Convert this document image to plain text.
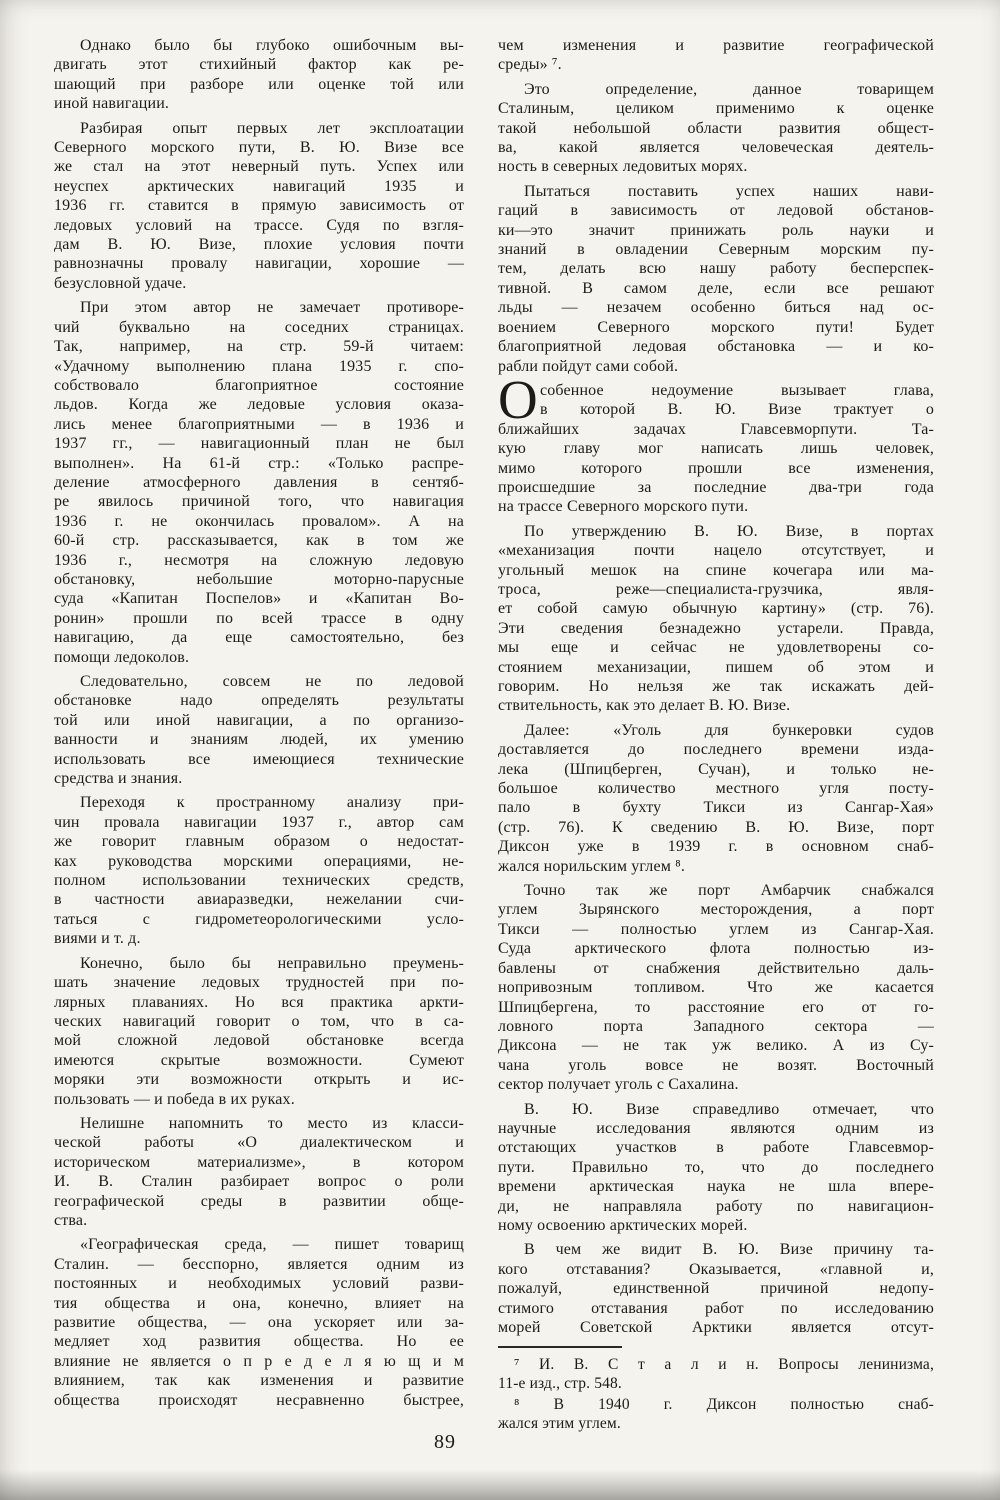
Однако было бы глубоко ошибочным вы-
двигать этот стихийный фактор как ре-
шающий при разборе или оценке той или
иной навигации.
Разбирая опыт первых лет эксплоатации
Северного морского пути, В. Ю. Визе все
же стал на этот неверный путь. Успех или
неуспех арктических навигаций 1935 и
1936 гг. ставится в прямую зависимость от
ледовых условий на трассе. Судя по взгля-
дам В. Ю. Визе, плохие условия почти
равнозначны провалу навигации, хорошие —
безусловной удаче.
При этом автор не замечает противоре-
чий буквально на соседних страницах.
Так, например, на стр. 59-й читаем:
«Удачному выполнению плана 1935 г. спо-
собствовало благоприятное состояние
льдов. Когда же ледовые условия оказа-
лись менее благоприятными — в 1936 и
1937 гг., — навигационный план не был
выполнен». На 61-й стр.: «Только распре-
деление атмосферного давления в сентяб-
ре явилось причиной того, что навигация
1936 г. не окончилась провалом». А на
60-й стр. рассказывается, как в том же
1936 г., несмотря на сложную ледовую
обстановку, небольшие моторно-парусные
суда «Капитан Поспелов» и «Капитан Во-
ронин» прошли по всей трассе в одну
навигацию, да еще самостоятельно, без
помощи ледоколов.
Следовательно, совсем не по ледовой
обстановке надо определять результаты
той или иной навигации, а по организо-
ванности и знаниям людей, их умению
использовать все имеющиеся технические
средства и знания.
Переходя к пространному анализу при-
чин провала навигации 1937 г., автор сам
же говорит главным образом о недостат-
ках руководства морскими операциями, не-
полном использовании технических средств,
в частности авиаразведки, нежелании счи-
таться с гидрометеорологическими усло-
виями и т. д.
Конечно, было бы неправильно преумень-
шать значение ледовых трудностей при по-
лярных плаваниях. Но вся практика аркти-
ческих навигаций говорит о том, что в са-
мой сложной ледовой обстановке всегда
имеются скрытые возможности. Сумеют
моряки эти возможности открыть и ис-
пользовать — и победа в их руках.
Нелишне напомнить то место из класси-
ческой работы «О диалектическом и
историческом материализме», в котором
И. В. Сталин разбирает вопрос о роли
географической среды в развитии обще-
ства.
«Географическая среда, — пишет товарищ
Сталин. — бесспорно, является одним из
постоянных и необходимых условий разви-
тия общества и она, конечно, влияет на
развитие общества, — она ускоряет или за-
медляет ход развития общества. Но ее
влияние не является о п р е д е л я ю щ и м
влиянием, так как изменения и развитие
общества происходят несравненно быстрее,
чем изменения и развитие географической
среды» ⁷.
Это определение, данное товарищем
Сталиным, целиком применимо к оценке
такой небольшой области развития общест-
ва, какой является человеческая деятель-
ность в северных ледовитых морях.
Пытаться поставить успех наших нави-
гаций в зависимость от ледовой обстанов-
ки—это значит принижать роль науки и
знаний в овладении Северным морским пу-
тем, делать всю нашу работу бесперспек-
тивной. В самом деле, если все решают
льды — незачем особенно биться над ос-
воением Северного морского пути! Будет
благоприятной ледовая обстановка — и ко-
рабли пойдут сами собой.
О собенное недоумение вызывает глава,
в которой В. Ю. Визе трактует о
ближайших задачах Главсевморпути. Та-
кую главу мог написать лишь человек,
мимо которого прошли все изменения,
происшедшие за последние два-три года
на трассе Северного морского пути.
По утверждению В. Ю. Визе, в портах
«механизация почти нацело отсутствует, и
угольный мешок на спине кочегара или ма-
троса, реже—специалиста-грузчика, явля-
ет собой самую обычную картину» (стр. 76).
Эти сведения безнадежно устарели. Правда,
мы еще и сейчас не удовлетворены со-
стоянием механизации, пишем об этом и
говорим. Но нельзя же так искажать дей-
ствительность, как это делает В. Ю. Визе.
Далее: «Уголь для бункеровки судов
доставляется до последнего времени изда-
лека (Шпицберген, Сучан), и только не-
большое количество местного угля посту-
пало в бухту Тикси из Сангар-Хая»
(стр. 76). К сведению В. Ю. Визе, порт
Диксон уже в 1939 г. в основном снаб-
жался норильским углем ⁸.
Точно так же порт Амбарчик снабжался
углем Зырянского месторождения, а порт
Тикси — полностью углем из Сангар-Хая.
Суда арктического флота полностью из-
бавлены от снабжения действительно даль-
нопривозным топливом. Что же касается
Шпицбергена, то расстояние его от го-
ловного порта Западного сектора —
Диксона — не так уж велико. А из Су-
чана уголь вовсе не возят. Восточный
сектор получает уголь с Сахалина.
В. Ю. Визе справедливо отмечает, что
научные исследования являются одним из
отстающих участков в работе Главсевмор-
пути. Правильно то, что до последнего
времени арктическая наука не шла впере-
ди, не направляла работу по навигацион-
ному освоению арктических морей.
В чем же видит В. Ю. Визе причину та-
кого отставания? Оказывается, «главной и,
пожалуй, единственной причиной недопу-
стимого отставания работ по исследованию
морей Советской Арктики является отсут-
⁷ И. В. С т а л и н. Вопросы ленинизма,
11-е изд., стр. 548.
⁸ В 1940 г. Диксон полностью снаб-
жался этим углем.
89
